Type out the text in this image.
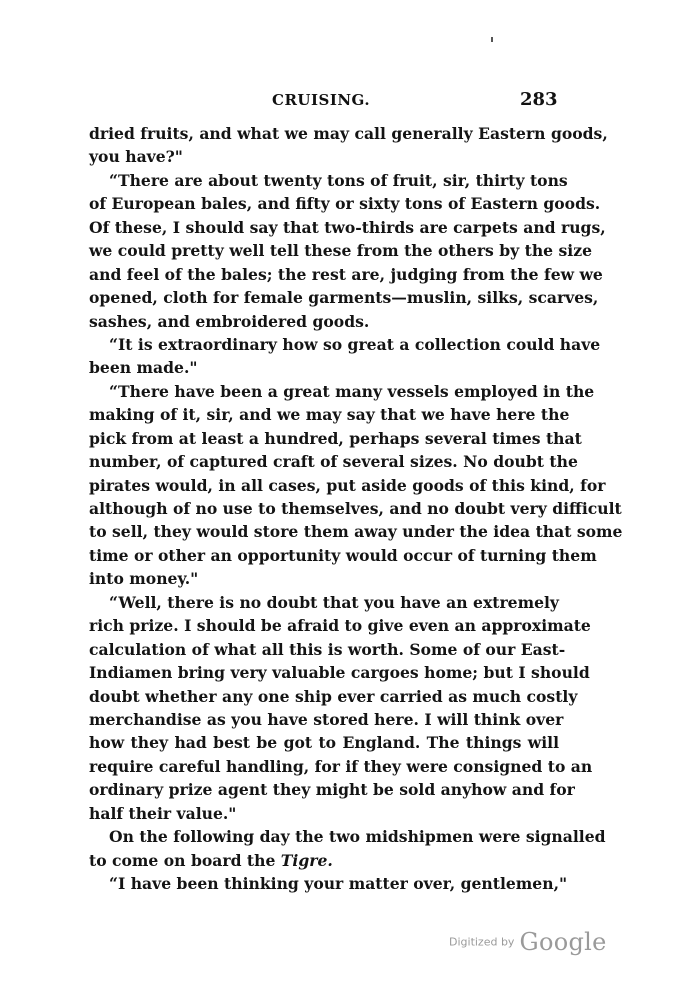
CRUISING.	283
dried fruits, and what we may call generally Eastern goods,
you have?"
“There are about twenty tons of fruit, sir, thirty tons
of European bales, and fifty or sixty tons of Eastern goods.
Of these, I should say that two-thirds are carpets and rugs,
we could pretty well tell these from the others by the size
and feel of the bales; the rest are, judging from the few we
opened, cloth for female garments—muslin, silks, scarves,
sashes, and embroidered goods.
“It is extraordinary how so great a collection could have
been made."
“There have been a great many vessels employed in the
making of it, sir, and we may say that we have here the
pick from at least a hundred, perhaps several times that
number, of captured craft of several sizes. No doubt the
pirates would, in all cases, put aside goods of this kind, for
although of no use to themselves, and no doubt very difficult
to sell, they would store them away under the idea that some
time or other an opportunity would occur of turning them
into money."
“Well, there is no doubt that you have an extremely
rich prize. I should be afraid to give even an approximate
calculation of what all this is worth. Some of our East-
Indiamen bring very valuable cargoes home; but I should
doubt whether any one ship ever carried as much costly
merchandise as you have stored here. I will think over
how they had best be got to England. The things will
require careful handling, for if they were consigned to an
ordinary prize agent they might be sold anyhow and for
half their value."
On the following day the two midshipmen were signalled
to come on board the Tigre.
“I have been thinking your matter over, gentlemen,"
Digitized by Google
